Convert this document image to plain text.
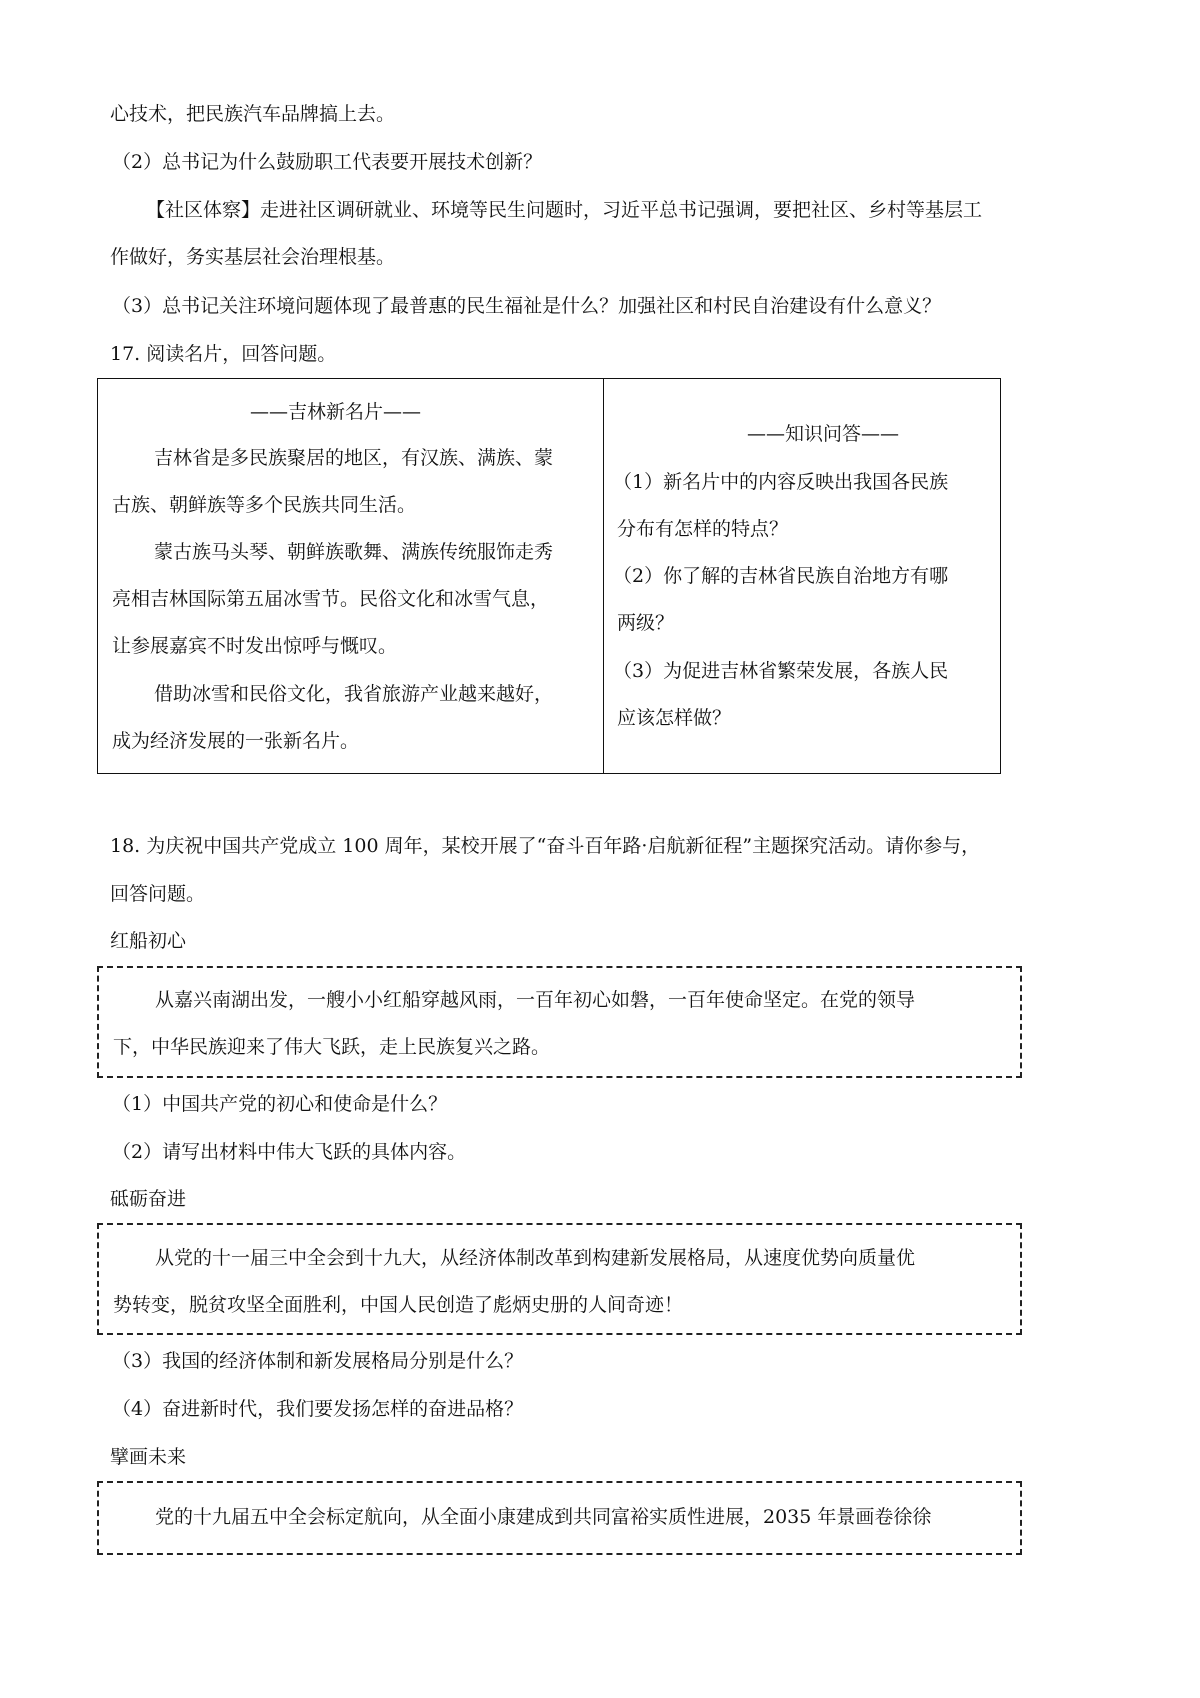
心技术，把民族汽车品牌搞上去。
（2）总书记为什么鼓励职工代表要开展技术创新？
【社区体察】走进社区调研就业、环境等民生问题时，习近平总书记强调，要把社区、乡村等基层工
作做好，务实基层社会治理根基。
（3）总书记关注环境问题体现了最普惠的民生福祉是什么？加强社区和村民自治建设有什么意义？
17. 阅读名片，回答问题。
——吉林新名片——
吉林省是多民族聚居的地区，有汉族、满族、蒙
古族、朝鲜族等多个民族共同生活。
蒙古族马头琴、朝鲜族歌舞、满族传统服饰走秀
亮相吉林国际第五届冰雪节。民俗文化和冰雪气息，
让参展嘉宾不时发出惊呼与慨叹。
借助冰雪和民俗文化，我省旅游产业越来越好，
成为经济发展的一张新名片。
——知识问答——
（1）新名片中的内容反映出我国各民族
分布有怎样的特点？
（2）你了解的吉林省民族自治地方有哪
两级？
（3）为促进吉林省繁荣发展，各族人民
应该怎样做？
18. 为庆祝中国共产党成立 100 周年，某校开展了“奋斗百年路·启航新征程”主题探究活动。请你参与，
回答问题。
红船初心
从嘉兴南湖出发，一艘小小红船穿越风雨，一百年初心如磐，一百年使命坚定。在党的领导
下，中华民族迎来了伟大飞跃，走上民族复兴之路。
（1）中国共产党的初心和使命是什么？
（2）请写出材料中伟大飞跃的具体内容。
砥砺奋进
从党的十一届三中全会到十九大，从经济体制改革到构建新发展格局，从速度优势向质量优
势转变，脱贫攻坚全面胜利，中国人民创造了彪炳史册的人间奇迹！
（3）我国的经济体制和新发展格局分别是什么？
（4）奋进新时代，我们要发扬怎样的奋进品格？
擘画未来
党的十九届五中全会标定航向，从全面小康建成到共同富裕实质性进展，2035 年景画卷徐徐
